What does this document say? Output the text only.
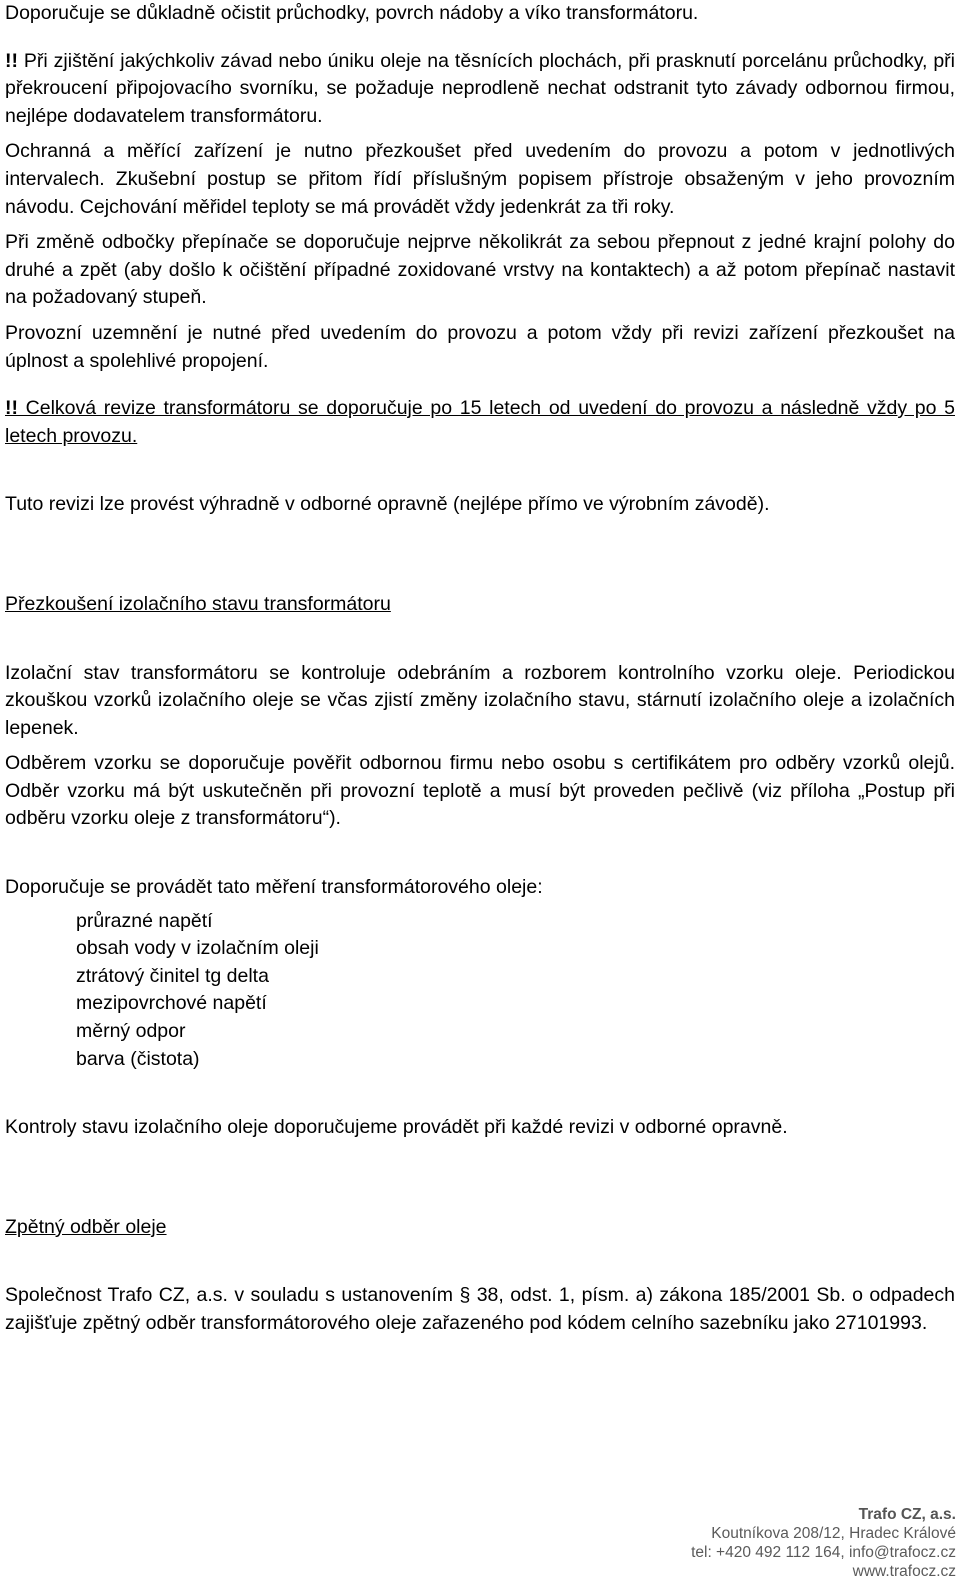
Doporučuje se důkladně očistit průchodky, povrch nádoby a víko transformátoru.

!! Při zjištění jakýchkoliv závad nebo úniku oleje na těsnících plochách, při prasknutí porcelánu průchodky, při překroucení připojovacího svorníku, se požaduje neprodleně nechat odstranit tyto závady odbornou firmou, nejlépe dodavatelem transformátoru.

Ochranná a měřící zařízení je nutno přezkoušet před uvedením do provozu a potom v jednotlivých intervalech. Zkušební postup se přitom řídí příslušným popisem přístroje obsaženým v jeho provozním návodu. Cejchování měřidel teploty se má provádět vždy jedenkrát za tři roky.

Při změně odbočky přepínače se doporučuje nejprve několikrát za sebou přepnout z jedné krajní polohy do druhé a zpět (aby došlo k očištění případné zoxidované vrstvy na kontaktech) a až potom přepínač nastavit na požadovaný stupeň.

Provozní uzemnění je nutné před uvedením do provozu a potom vždy při revizi zařízení přezkoušet na úplnost a spolehlivé propojení.

!! Celková revize transformátoru se doporučuje po 15 letech od uvedení do provozu a následně vždy po 5 letech provozu.

Tuto revizi lze provést výhradně v odborné opravně (nejlépe přímo ve výrobním závodě).

Přezkoušení izolačního stavu transformátoru

Izolační stav transformátoru se kontroluje odebráním a rozborem kontrolního vzorku oleje. Periodickou zkouškou vzorků izolačního oleje se včas zjistí změny izolačního stavu, stárnutí izolačního oleje a izolačních lepenek.

Odběrem vzorku se doporučuje pověřit odbornou firmu nebo osobu s certifikátem pro odběry vzorků olejů. Odběr vzorku má být uskutečněn při provozní teplotě a musí být proveden pečlivě (viz příloha „Postup při odběru vzorku oleje z transformátoru“).

Doporučuje se provádět tato měření transformátorového oleje:

průrazné napětí
obsah vody v izolačním oleji
ztrátový činitel tg delta
mezipovrchové napětí
měrný odpor
barva (čistota)

Kontroly stavu izolačního oleje doporučujeme provádět při každé revizi v odborné opravně.

Zpětný odběr oleje

Společnost Trafo CZ, a.s. v souladu s ustanovením § 38, odst. 1, písm. a) zákona 185/2001 Sb. o odpadech zajišťuje zpětný odběr transformátorového oleje zařazeného pod kódem celního sazebníku jako 27101993.

Trafo CZ, a.s.
Koutníkova 208/12, Hradec Králové
tel: +420 492 112 164, info@trafocz.cz
www.trafocz.cz
